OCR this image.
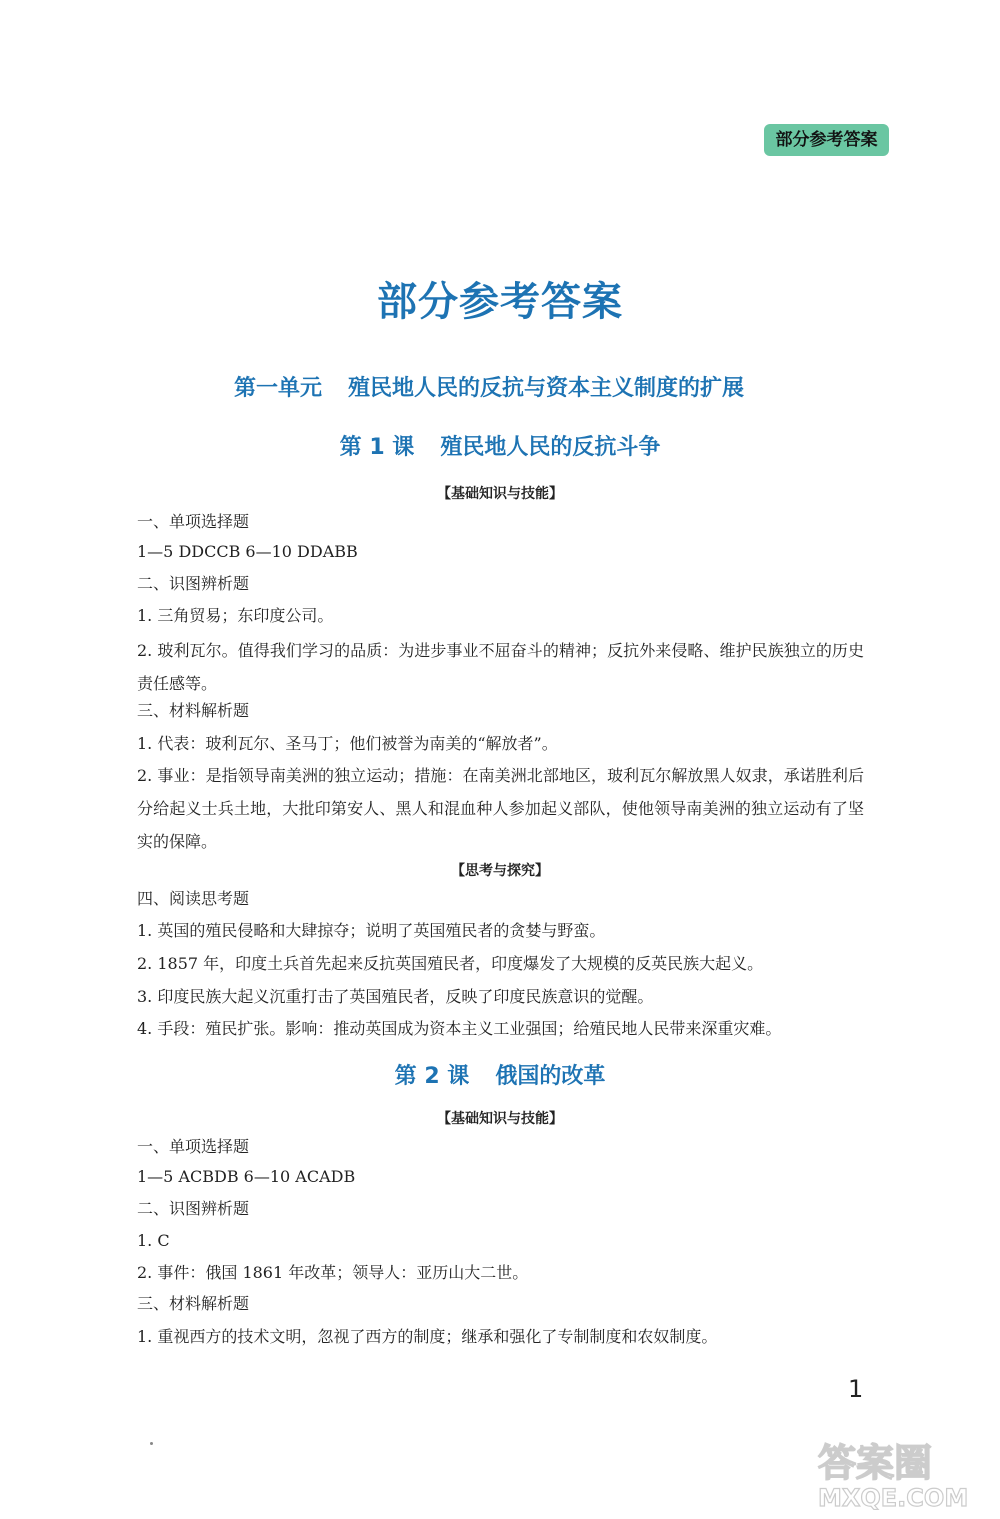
部分参考答案
部分参考答案
第一单元 殖民地人民的反抗与资本主义制度的扩展
第 1 课 殖民地人民的反抗斗争
【基础知识与技能】
一、单项选择题
1—5 DDCCB 6—10 DDABB
二、识图辨析题
1. 三角贸易；东印度公司。
2. 玻利瓦尔。值得我们学习的品质：为进步事业不屈奋斗的精神；反抗外来侵略、维护民族独立的历史责任感等。
三、材料解析题
1. 代表：玻利瓦尔、圣马丁；他们被誉为南美的“解放者”。
2. 事业：是指领导南美洲的独立运动；措施：在南美洲北部地区，玻利瓦尔解放黑人奴隶，承诺胜利后分给起义士兵土地，大批印第安人、黑人和混血种人参加起义部队，使他领导南美洲的独立运动有了坚实的保障。
【思考与探究】
四、阅读思考题
1. 英国的殖民侵略和大肆掠夺；说明了英国殖民者的贪婪与野蛮。
2. 1857 年，印度土兵首先起来反抗英国殖民者，印度爆发了大规模的反英民族大起义。
3. 印度民族大起义沉重打击了英国殖民者，反映了印度民族意识的觉醒。
4. 手段：殖民扩张。影响：推动英国成为资本主义工业强国；给殖民地人民带来深重灾难。
第 2 课 俄国的改革
【基础知识与技能】
一、单项选择题
1—5 ACBDB 6—10 ACADB
二、识图辨析题
1. C
2. 事件：俄国 1861 年改革；领导人：亚历山大二世。
三、材料解析题
1. 重视西方的技术文明，忽视了西方的制度；继承和强化了专制制度和农奴制度。
1
答案圈
MXQE.COM
